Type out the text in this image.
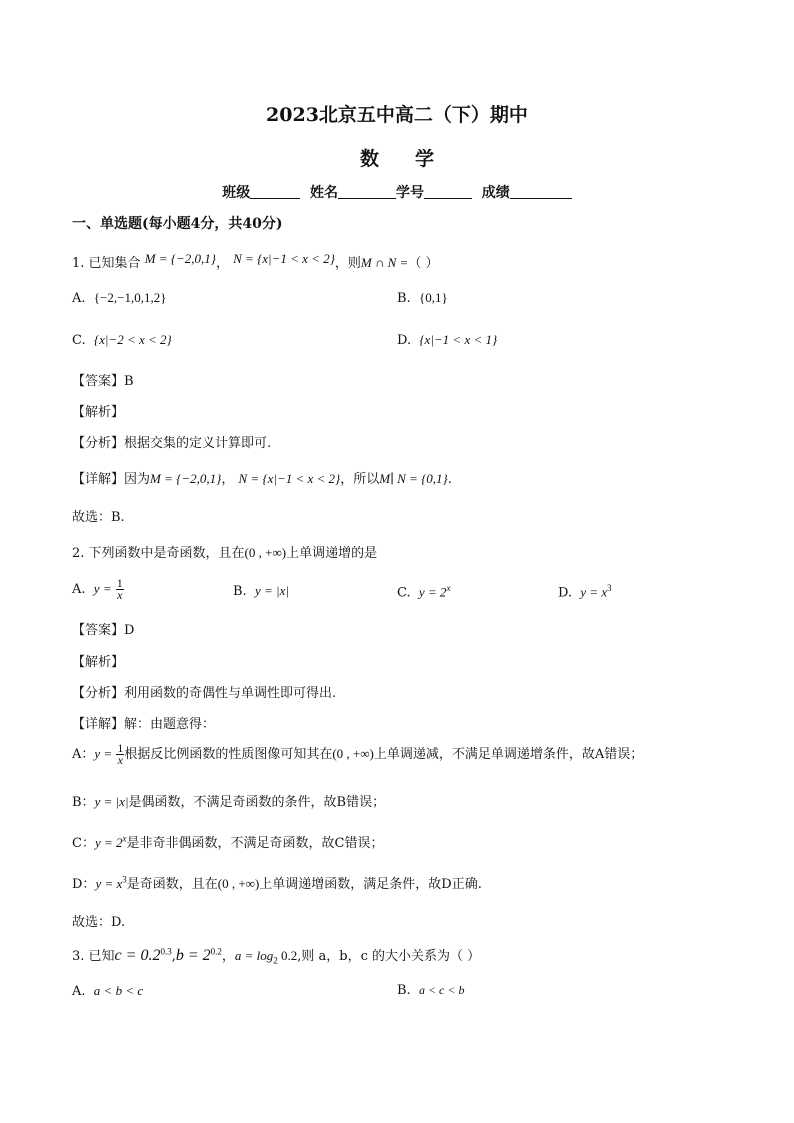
2023北京五中高二（下）期中
数 学
班级	姓名	学号	成绩
一、单选题(每小题4分，共40分)
1. 已知集合 M = {−2,0,1}， N = {x|−1 < x < 2}，则M ∩ N =（ ）
A. {−2,−1,0,1,2}	B. {0,1}
C. {x|−2 < x < 2}	D. {x|−1 < x < 1}
【答案】B
【解析】
【分析】根据交集的定义计算即可.
【详解】因为M = {−2,0,1}， N = {x|−1 < x < 2}，所以M∣ N = {0,1}.
故选：B.
2. 下列函数中是奇函数，且在(0 , +∞)上单调递增的是
A. $y = \frac{1}{x}$	B. y = |x|	C. $y = 2^x$	D. $y = x^3$
【答案】D
【解析】
【分析】利用函数的奇偶性与单调性即可得出.
【详解】解：由题意得：
A：$y = \frac{1}{x}$ 根据反比例函数的性质图像可知其在(0 , +∞)上单调递减，不满足单调递增条件，故A错误；
B：y = |x|是偶函数，不满足奇函数的条件，故B错误；
C：$y = 2^x$是非奇非偶函数，不满足奇函数，故C错误；
D：$y = x^3$是奇函数，且在(0 , +∞)上单调递增函数，满足条件，故D正确.
故选：D.
3. 已知$c = 0.2^{0.3},b = 2^{0.2}$，$a = \log_2 0.2$,则 a，b，c 的大小关系为（ ）
A. a < b < c	B. a < c < b
